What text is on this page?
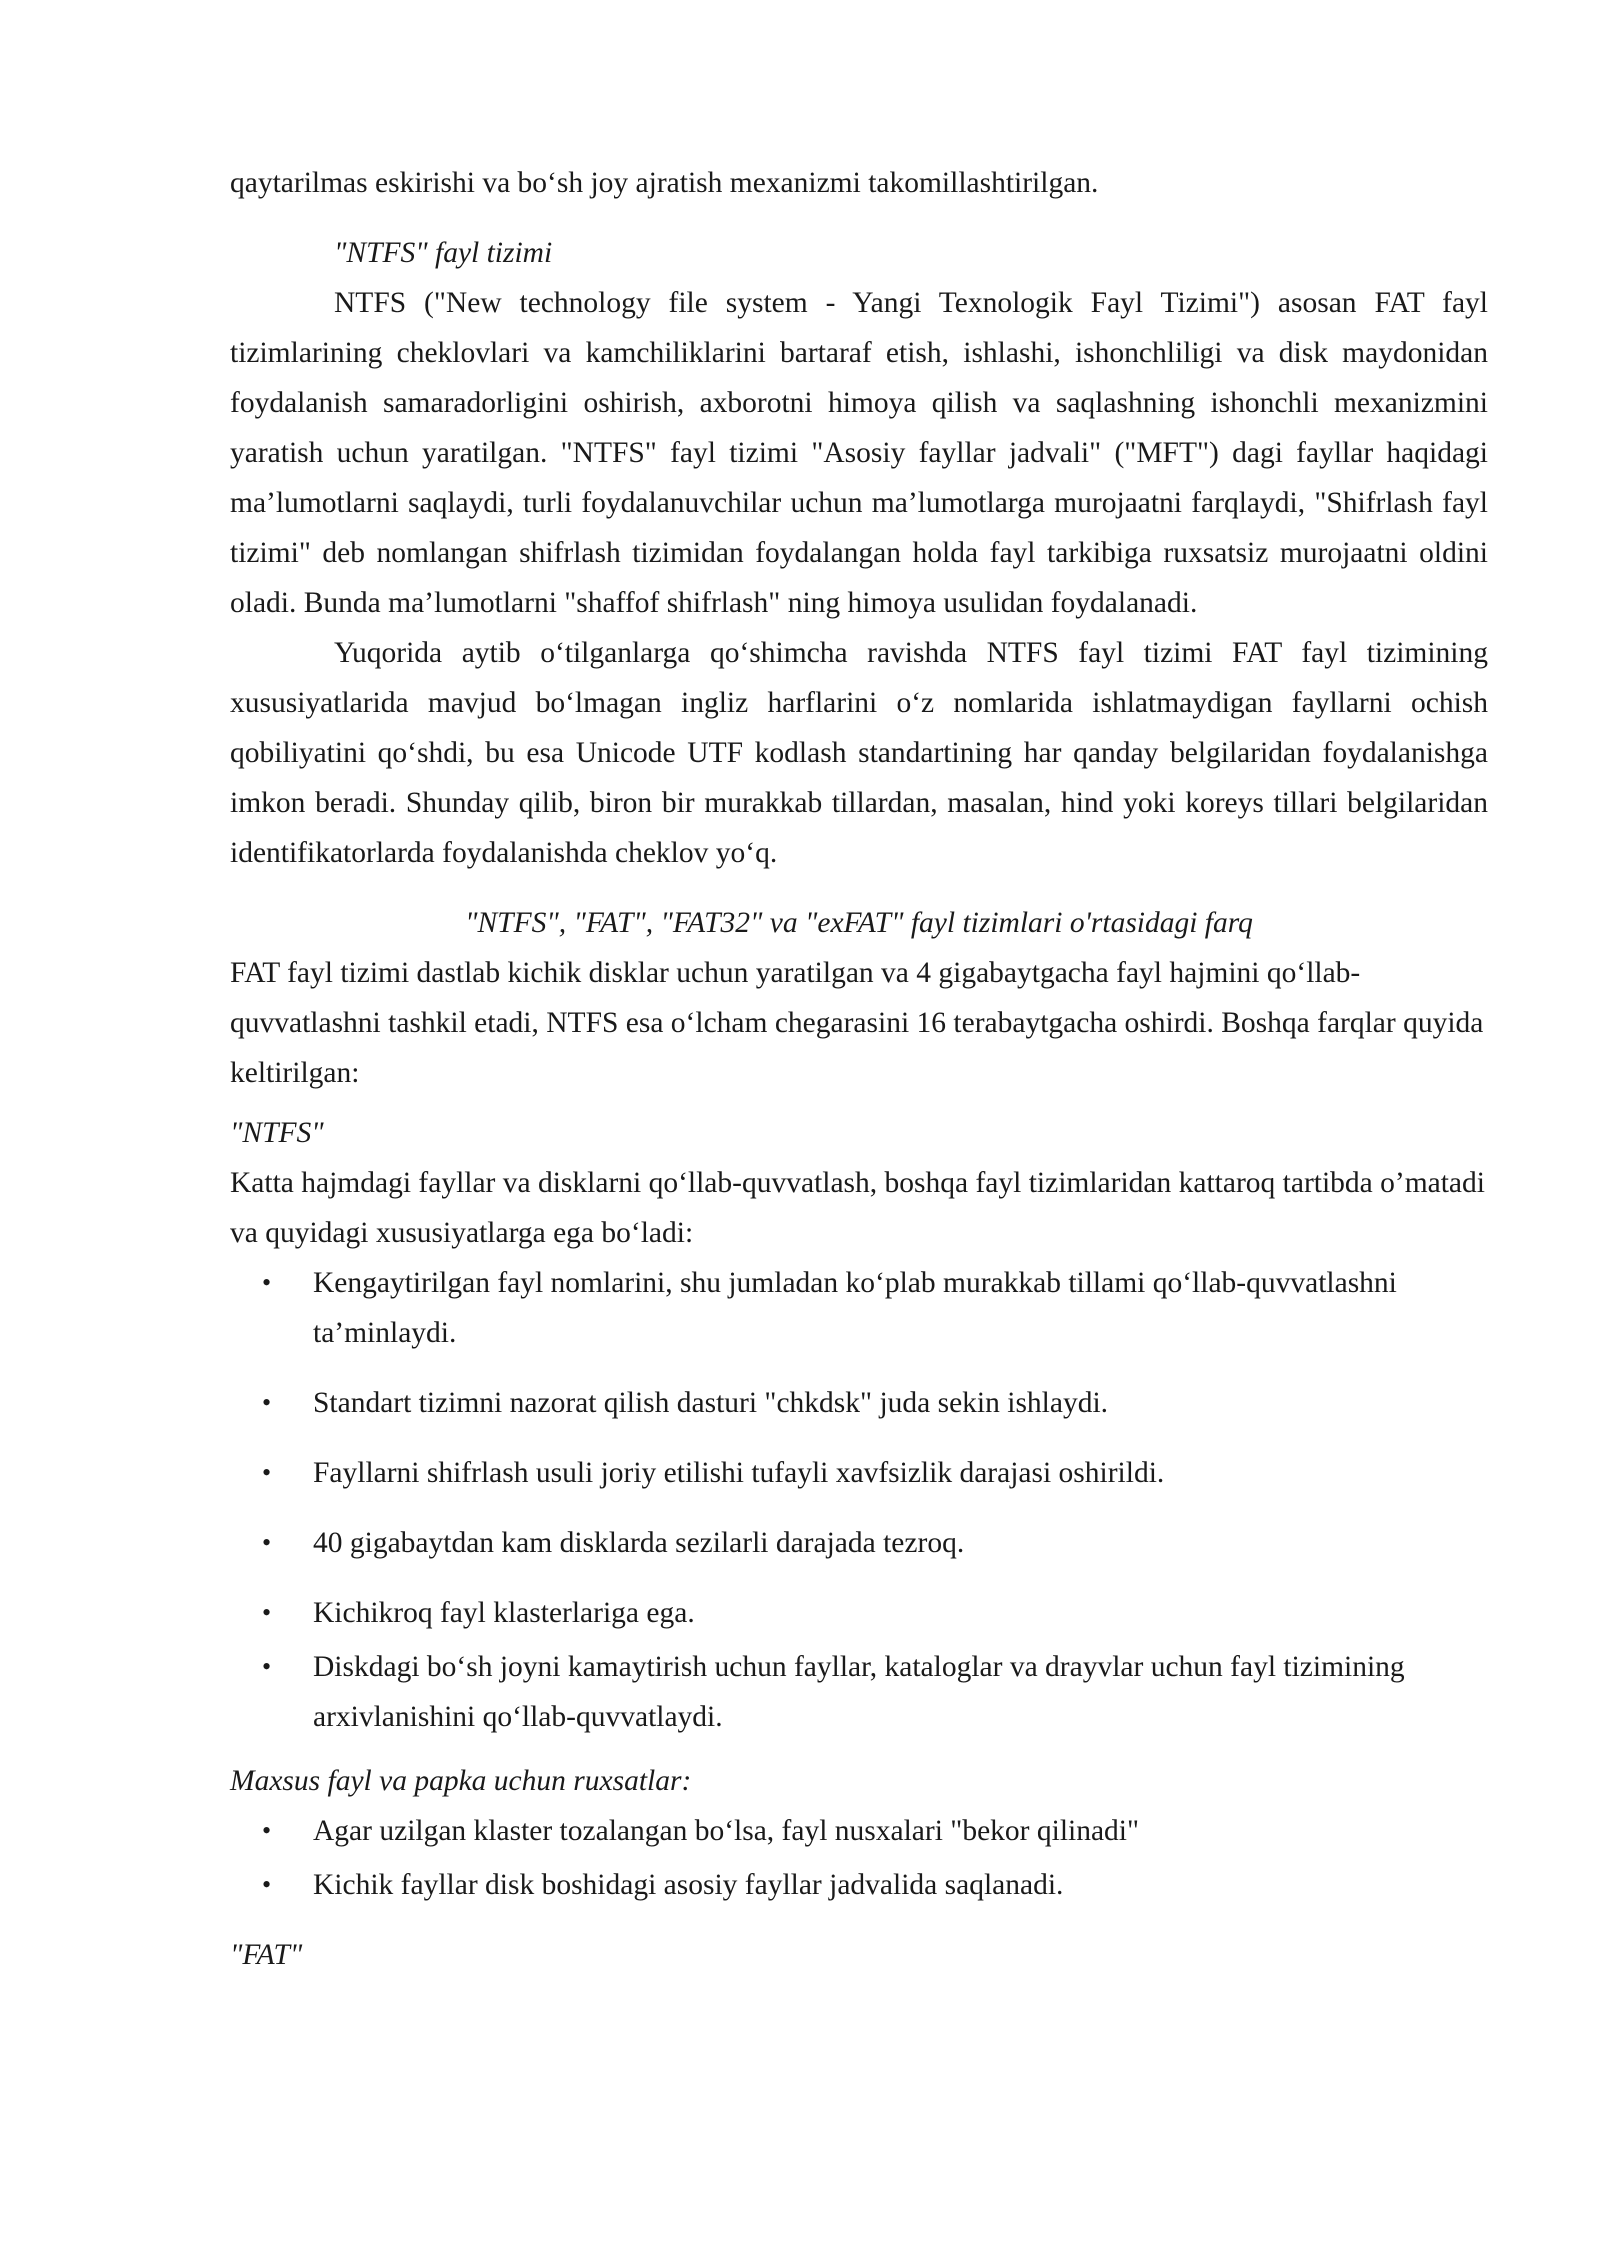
qaytarilmas eskirishi va bo‘sh joy ajratish mexanizmi takomillashtirilgan.

"NTFS" fayl tizimi

NTFS ("New technology file system - Yangi Texnologik Fayl Tizimi") asosan FAT fayl tizimlarining cheklovlari va kamchiliklarini bartaraf etish, ishlashi, ishonchliligi va disk maydonidan foydalanish samaradorligini oshirish, axborotni himoya qilish va saqlashning ishonchli mexanizmini yaratish uchun yaratilgan. "NTFS" fayl tizimi "Asosiy fayllar jadvali" ("MFT") dagi fayllar haqidagi ma’lumotlarni saqlaydi, turli foydalanuvchilar uchun ma’lumotlarga murojaatni farqlaydi, "Shifrlash fayl tizimi" deb nomlangan shifrlash tizimidan foydalangan holda fayl tarkibiga ruxsatsiz murojaatni oldini oladi. Bunda ma’lumotlarni "shaffof shifrlash" ning himoya usulidan foydalanadi.

Yuqorida aytib o‘tilganlarga qo‘shimcha ravishda NTFS fayl tizimi FAT fayl tizimining xususiyatlarida mavjud bo‘lmagan ingliz harflarini o‘z nomlarida ishlatmaydigan fayllarni ochish qobiliyatini qo‘shdi, bu esa Unicode UTF kodlash standartining har qanday belgilaridan foydalanishga imkon beradi. Shunday qilib, biron bir murakkab tillardan, masalan, hind yoki koreys tillari belgilaridan identifikatorlarda foydalanishda cheklov yo‘q.

"NTFS", "FAT", "FAT32" va "exFAT" fayl tizimlari o'rtasidagi farq

FAT fayl tizimi dastlab kichik disklar uchun yaratilgan va 4 gigabaytgacha fayl hajmini qo‘llab-quvvatlashni tashkil etadi, NTFS esa o‘lcham chegarasini 16 terabaytgacha oshirdi. Boshqa farqlar quyida keltirilgan:

"NTFS"

Katta hajmdagi fayllar va disklarni qo‘llab-quvvatlash, boshqa fayl tizimlaridan kattaroq tartibda o’matadi va quyidagi xususiyatlarga ega bo‘ladi:

• Kengaytirilgan fayl nomlarini, shu jumladan ko‘plab murakkab tillami qo‘llab-quvvatlashni ta’minlaydi.
• Standart tizimni nazorat qilish dasturi "chkdsk" juda sekin ishlaydi.
• Fayllarni shifrlash usuli joriy etilishi tufayli xavfsizlik darajasi oshirildi.
• 40 gigabaytdan kam disklarda sezilarli darajada tezroq.
• Kichikroq fayl klasterlariga ega.
• Diskdagi bo‘sh joyni kamaytirish uchun fayllar, kataloglar va drayvlar uchun fayl tizimining arxivlanishini qo‘llab-quvvatlaydi.

Maxsus fayl va papka uchun ruxsatlar:

• Agar uzilgan klaster tozalangan bo‘lsa, fayl nusxalari "bekor qilinadi"
• Kichik fayllar disk boshidagi asosiy fayllar jadvalida saqlanadi.

"FAT"
